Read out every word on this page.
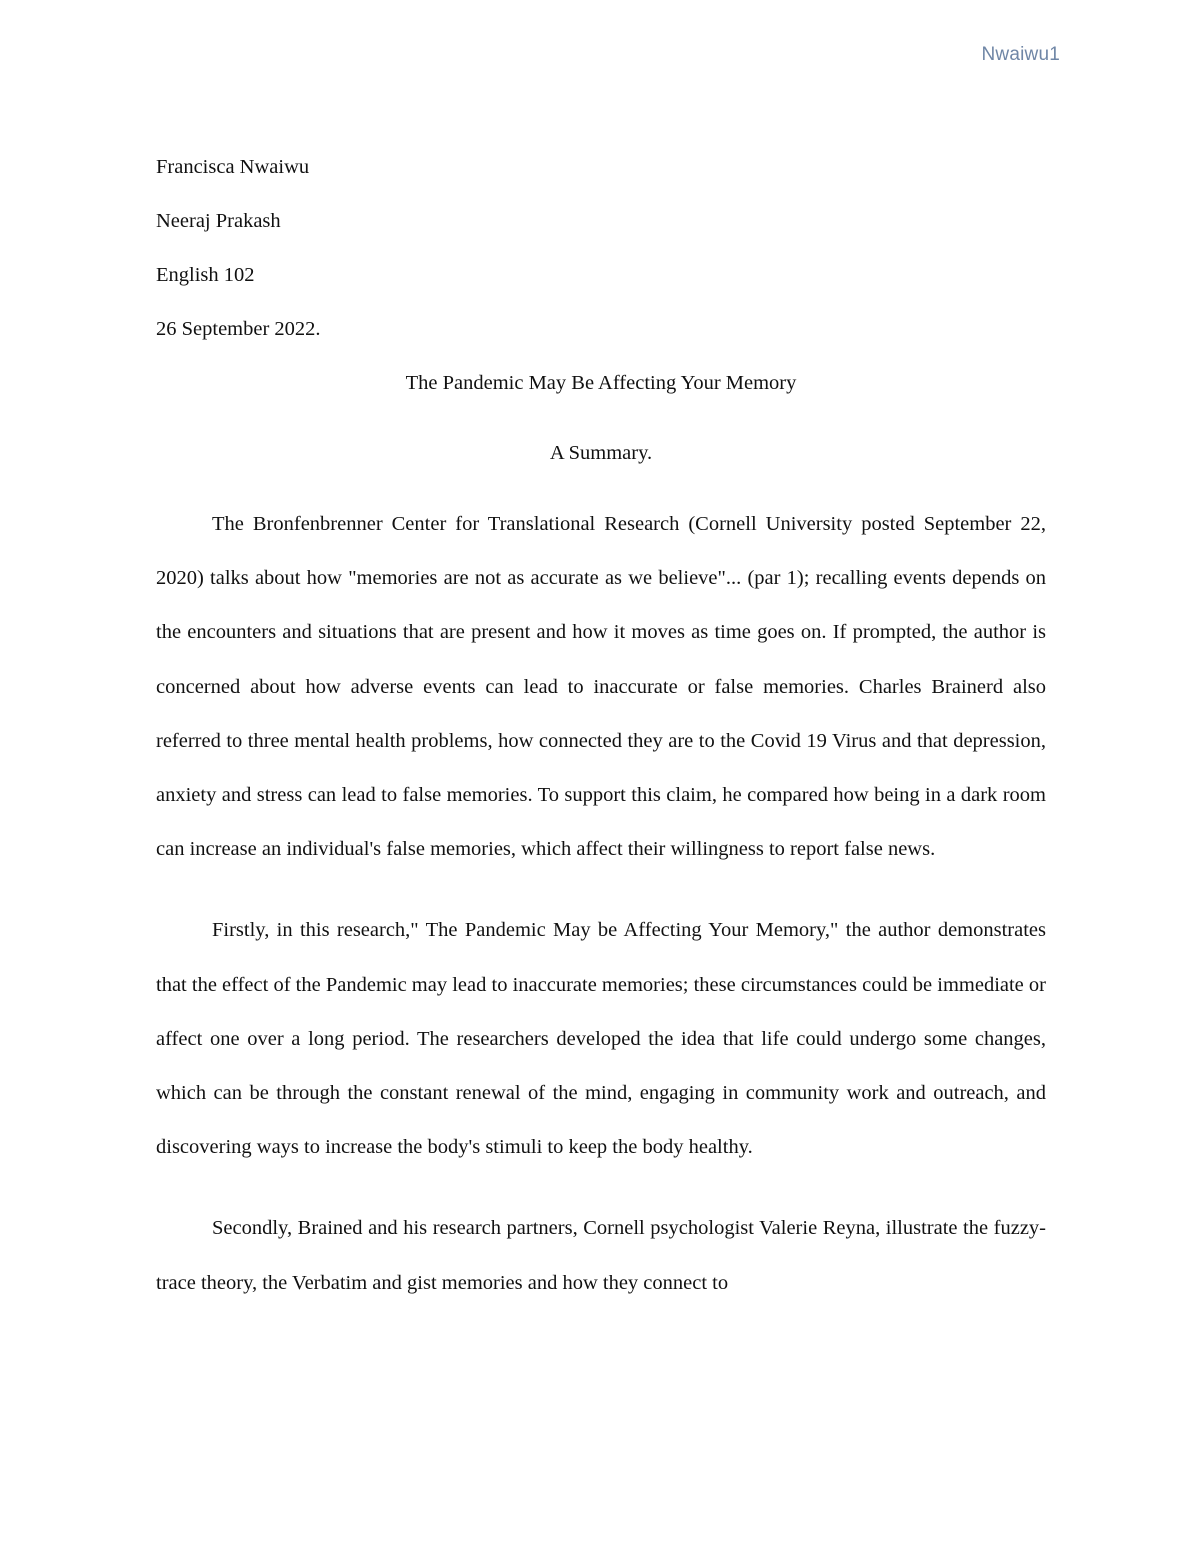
Nwaiwu1
Francisca Nwaiwu
Neeraj Prakash
English 102
26 September 2022.
The Pandemic May Be Affecting Your Memory
A Summary.

The Bronfenbrenner Center for Translational Research (Cornell University posted September 22, 2020) talks about how "memories are not as accurate as we believe"... (par 1); recalling events depends on the encounters and situations that are present and how it moves as time goes on. If prompted, the author is concerned about how adverse events can lead to inaccurate or false memories. Charles Brainerd also referred to three mental health problems, how connected they are to the Covid 19 Virus and that depression, anxiety and stress can lead to false memories. To support this claim, he compared how being in a dark room can increase an individual's false memories, which affect their willingness to report false news.

Firstly, in this research," The Pandemic May be Affecting Your Memory," the author demonstrates that the effect of the Pandemic may lead to inaccurate memories; these circumstances could be immediate or affect one over a long period. The researchers developed the idea that life could undergo some changes, which can be through the constant renewal of the mind, engaging in community work and outreach, and discovering ways to increase the body's stimuli to keep the body healthy.

Secondly, Brained and his research partners, Cornell psychologist Valerie Reyna, illustrate the fuzzy-trace theory, the Verbatim and gist memories and how they connect to
